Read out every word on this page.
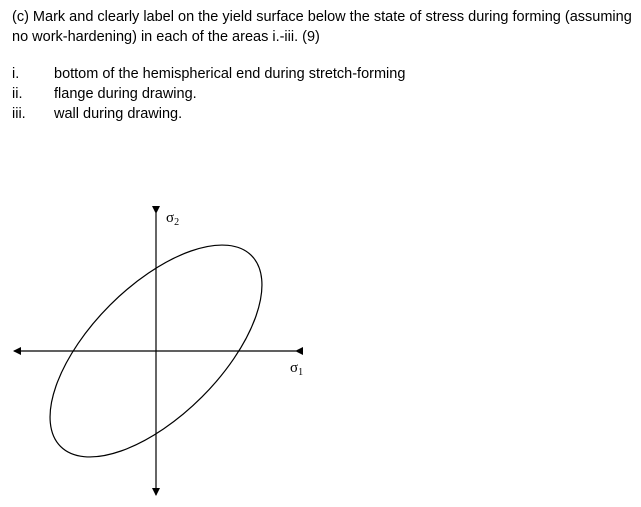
(c) Mark and clearly label on the yield surface below the state of stress during forming (assuming no work-hardening) in each of the areas i.-iii. (9)

i.	bottom of the hemispherical end during stretch-forming
ii.	flange during drawing.
iii.	wall during drawing.
$\sigma_2$
$\sigma_1$
